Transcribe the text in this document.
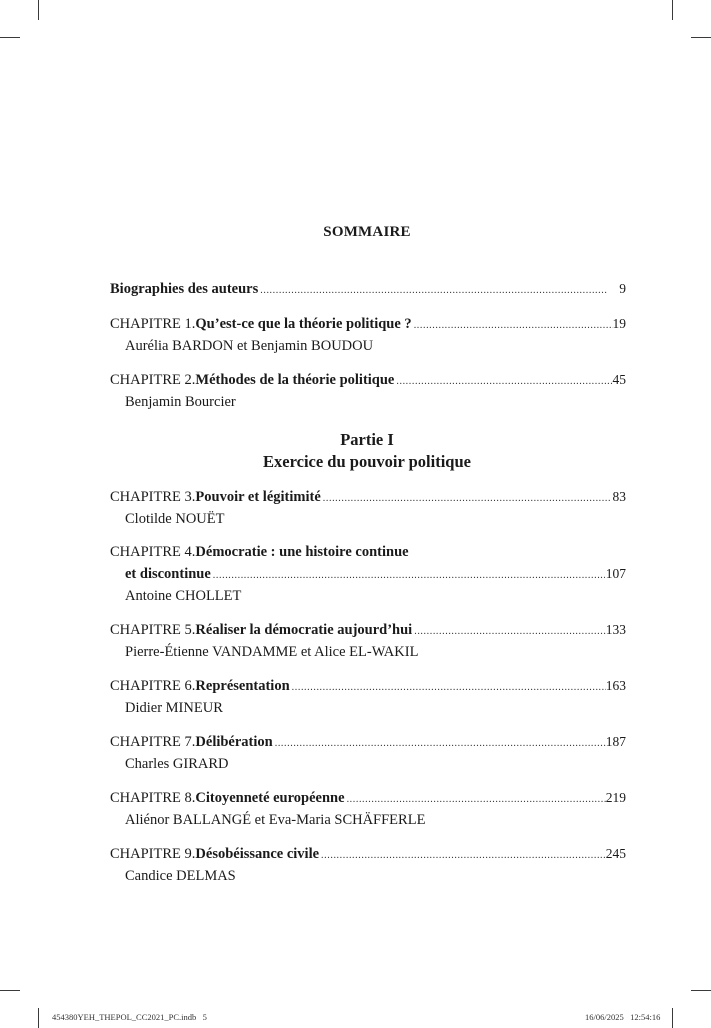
SOMMAIRE
Biographies des auteurs .....	9
CHAPITRE 1. Qu’est-ce que la théorie politique ? .....	19
Aurélia BARDON et Benjamin BOUDOU
CHAPITRE 2. Méthodes de la théorie politique .....	45
Benjamin Bourcier
Partie I
Exercice du pouvoir politique
CHAPITRE 3. Pouvoir et légitimité .....	83
Clotilde NOUËT
CHAPITRE 4. Démocratie : une histoire continue
et discontinue .....	107
Antoine CHOLLET
CHAPITRE 5. Réaliser la démocratie aujourd’hui .....	133
Pierre-Étienne VANDAMME et Alice EL-WAKIL
CHAPITRE 6. Représentation .....	163
Didier MINEUR
CHAPITRE 7. Délibération .....	187
Charles GIRARD
CHAPITRE 8. Citoyenneté européenne .....	219
Aliénor BALLANGÉ et Eva-Maria SCHÄFFERLE
CHAPITRE 9. Désobéissance civile .....	245
Candice DELMAS
454380YEH_THEPOL_CC2021_PC.indb   5	16/06/2025   12:54:16
